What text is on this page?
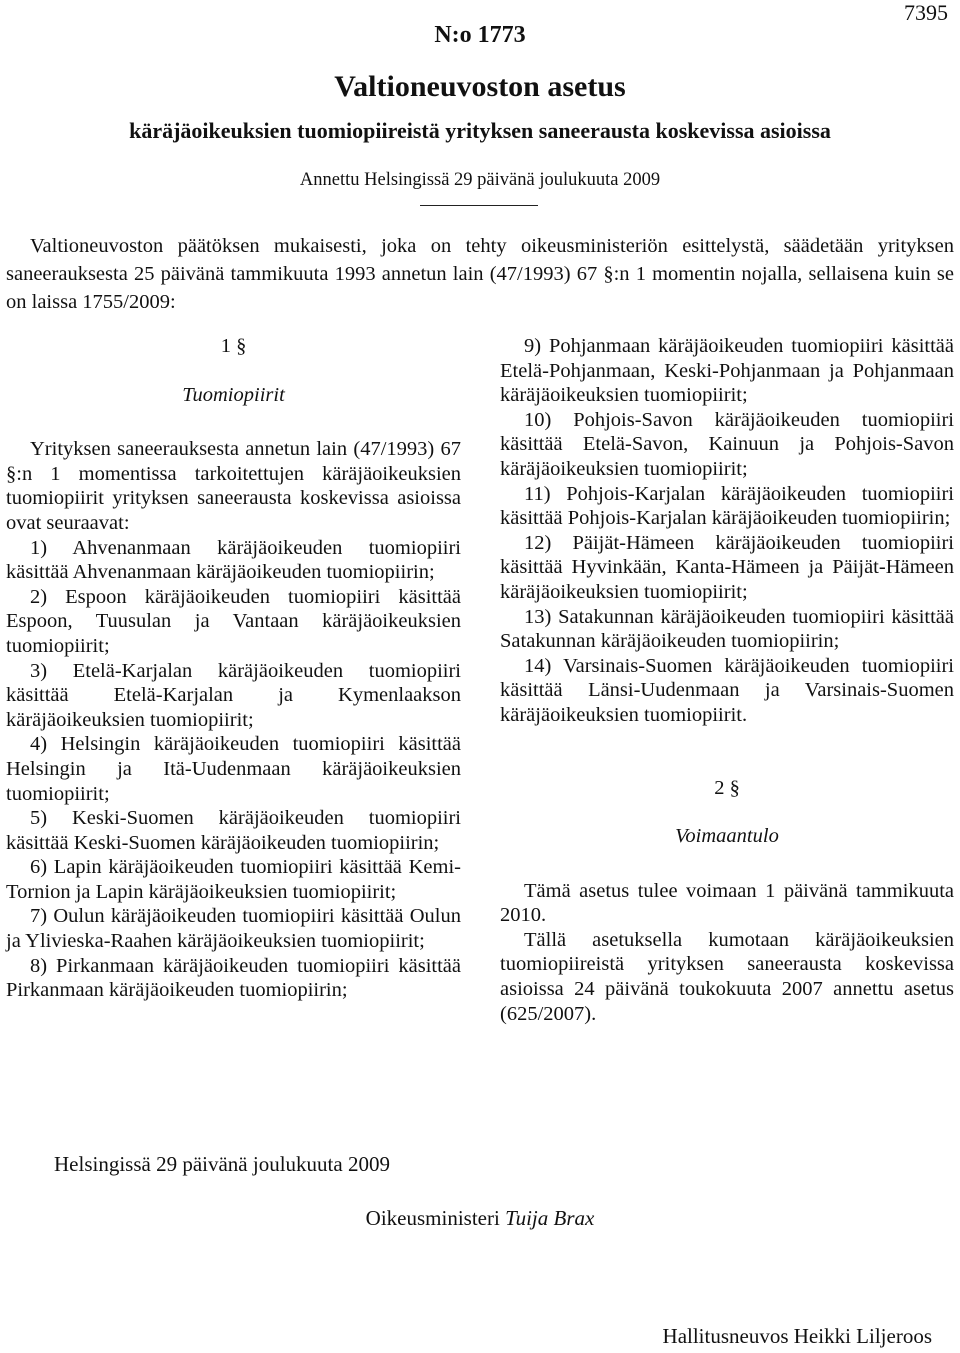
7395
N:o 1773
Valtioneuvoston asetus
käräjäoikeuksien tuomiopiireistä yrityksen saneerausta koskevissa asioissa
Annettu Helsingissä 29 päivänä joulukuuta 2009

Valtioneuvoston päätöksen mukaisesti, joka on tehty oikeusministeriön esittelystä, säädetään yrityksen saneerauksesta 25 päivänä tammikuuta 1993 annetun lain (47/1993) 67 §:n 1 momentin nojalla, sellaisena kuin se on laissa 1755/2009:

1 §

Tuomiopiirit

Yrityksen saneerauksesta annetun lain (47/1993) 67 §:n 1 momentissa tarkoitettujen käräjäoikeuksien tuomiopiirit yrityksen saneerausta koskevissa asioissa ovat seuraavat:

1) Ahvenanmaan käräjäoikeuden tuomiopiiri käsittää Ahvenanmaan käräjäoikeuden tuomiopiirin;

2) Espoon käräjäoikeuden tuomiopiiri käsittää Espoon, Tuusulan ja Vantaan käräjäoikeuksien tuomiopiirit;

3) Etelä-Karjalan käräjäoikeuden tuomiopiiri käsittää Etelä-Karjalan ja Kymenlaakson käräjäoikeuksien tuomiopiirit;

4) Helsingin käräjäoikeuden tuomiopiiri käsittää Helsingin ja Itä-Uudenmaan käräjäoikeuksien tuomiopiirit;

5) Keski-Suomen käräjäoikeuden tuomiopiiri käsittää Keski-Suomen käräjäoikeuden tuomiopiirin;

6) Lapin käräjäoikeuden tuomiopiiri käsittää Kemi-Tornion ja Lapin käräjäoikeuksien tuomiopiirit;

7) Oulun käräjäoikeuden tuomiopiiri käsittää Oulun ja Ylivieska-Raahen käräjäoikeuksien tuomiopiirit;

8) Pirkanmaan käräjäoikeuden tuomiopiiri käsittää Pirkanmaan käräjäoikeuden tuomiopiirin;

9) Pohjanmaan käräjäoikeuden tuomiopiiri käsittää Etelä-Pohjanmaan, Keski-Pohjanmaan ja Pohjanmaan käräjäoikeuksien tuomiopiirit;

10) Pohjois-Savon käräjäoikeuden tuomiopiiri käsittää Etelä-Savon, Kainuun ja Pohjois-Savon käräjäoikeuksien tuomiopiirit;

11) Pohjois-Karjalan käräjäoikeuden tuomiopiiri käsittää Pohjois-Karjalan käräjäoikeuden tuomiopiirin;

12) Päijät-Hämeen käräjäoikeuden tuomiopiiri käsittää Hyvinkään, Kanta-Hämeen ja Päijät-Hämeen käräjäoikeuksien tuomiopiirit;

13) Satakunnan käräjäoikeuden tuomiopiiri käsittää Satakunnan käräjäoikeuden tuomiopiirin;

14) Varsinais-Suomen käräjäoikeuden tuomiopiiri käsittää Länsi-Uudenmaan ja Varsinais-Suomen käräjäoikeuksien tuomiopiirit.

2 §

Voimaantulo

Tämä asetus tulee voimaan 1 päivänä tammikuuta 2010.

Tällä asetuksella kumotaan käräjäoikeuksien tuomiopiireistä yrityksen saneerausta koskevissa asioissa 24 päivänä toukokuuta 2007 annettu asetus (625/2007).

Helsingissä 29 päivänä joulukuuta 2009
Oikeusministeri Tuija Brax
Hallitusneuvos Heikki Liljeroos
